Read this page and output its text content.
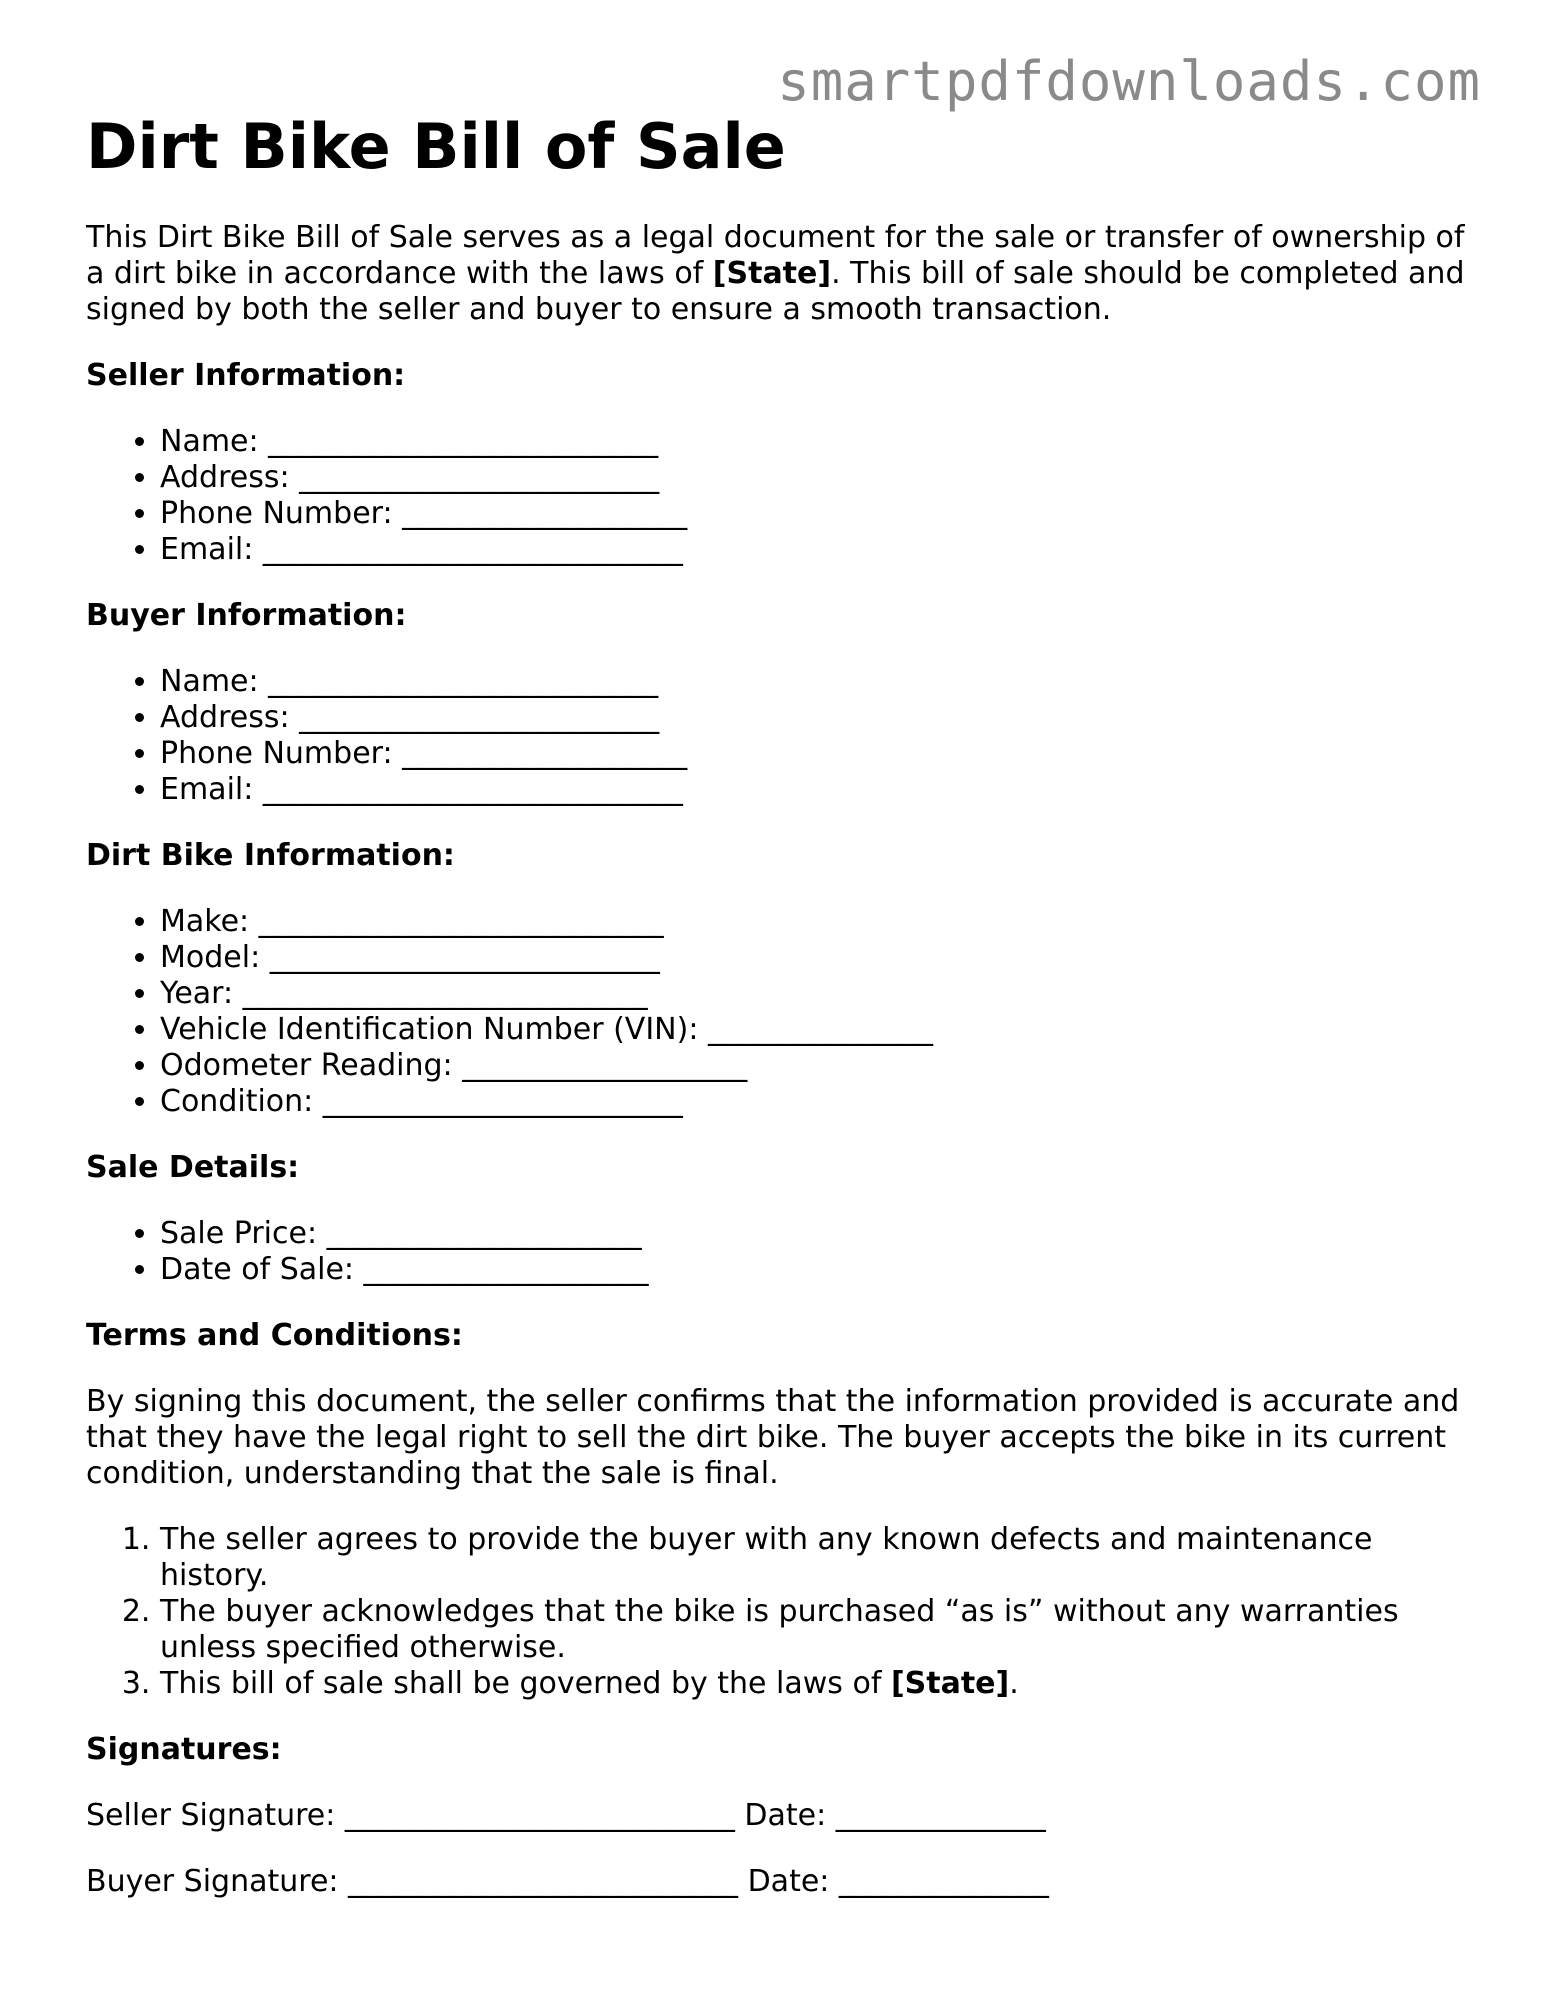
smartpdfdownloads.com
Dirt Bike Bill of Sale

This Dirt Bike Bill of Sale serves as a legal document for the sale or transfer of ownership of a dirt bike in accordance with the laws of [State]. This bill of sale should be completed and signed by both the seller and buyer to ensure a smooth transaction.

Seller Information:
• Name: __________________________
• Address: ________________________
• Phone Number: ___________________
• Email: ____________________________
Buyer Information:
• Name: __________________________
• Address: ________________________
• Phone Number: ___________________
• Email: ____________________________
Dirt Bike Information:
• Make: ___________________________
• Model: __________________________
• Year: ___________________________
• Vehicle Identification Number (VIN): _______________
• Odometer Reading: ___________________
• Condition: ________________________
Sale Details:
• Sale Price: _____________________
• Date of Sale: ___________________
Terms and Conditions:

By signing this document, the seller confirms that the information provided is accurate and that they have the legal right to sell the dirt bike. The buyer accepts the bike in its current condition, understanding that the sale is final.

1. The seller agrees to provide the buyer with any known defects and maintenance history.
2. The buyer acknowledges that the bike is purchased “as is” without any warranties unless specified otherwise.
3. This bill of sale shall be governed by the laws of [State].
Signatures:
Seller Signature: __________________________ Date: ______________
Buyer Signature: __________________________ Date: ______________
